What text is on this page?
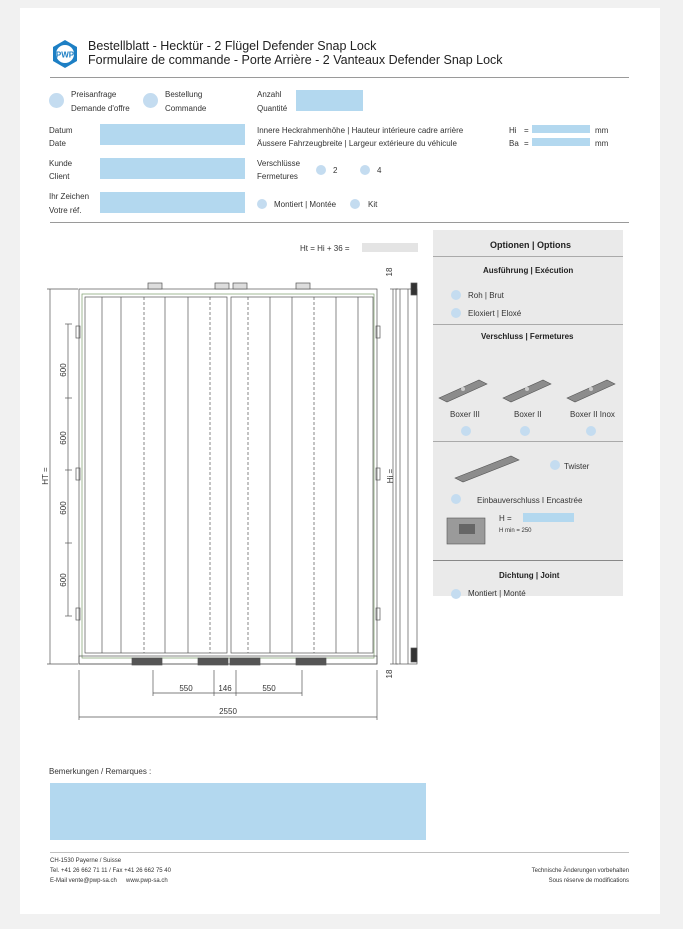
PWP
Bestellblatt - Hecktür - 2 Flügel Defender Snap Lock
Formulaire de commande - Porte Arrière - 2 Vanteaux Defender Snap Lock
Preisanfrage
Demande d'offre
Bestellung
Commande
Anzahl
Quantité
Datum
Date
Kunde
Client
Ihr Zeichen
Votre réf.
Innere Heckrahmenhöhe | Hauteur intérieure cadre arrière
Äussere Fahrzeugbreite | Largeur extérieure du véhicule
Hi =	mm
Ba =	mm
Verschlüsse
Fermetures
2	4
Montiert | Montée	Kit
Ht = Hi + 36 =
600
600
600
600
HT =	Hi =
18
18
550	146	550
2550
Optionen | Options
Ausführung | Exécution
Roh | Brut
Eloxiert | Eloxé
Verschluss | Fermetures
Boxer III	Boxer II	Boxer II Inox
Twister
Einbauverschluss I Encastrée
H =
H min = 250
Dichtung | Joint
Montiert | Monté
Bemerkungen / Remarques :
CH-1530 Payerne / Suisse
Tel. +41 26 662 71 11 / Fax +41 26 662 75 40
E-Mail vente@pwp-sa.ch www.pwp-sa.ch
Technische Änderungen vorbehalten
Sous réserve de modifications
